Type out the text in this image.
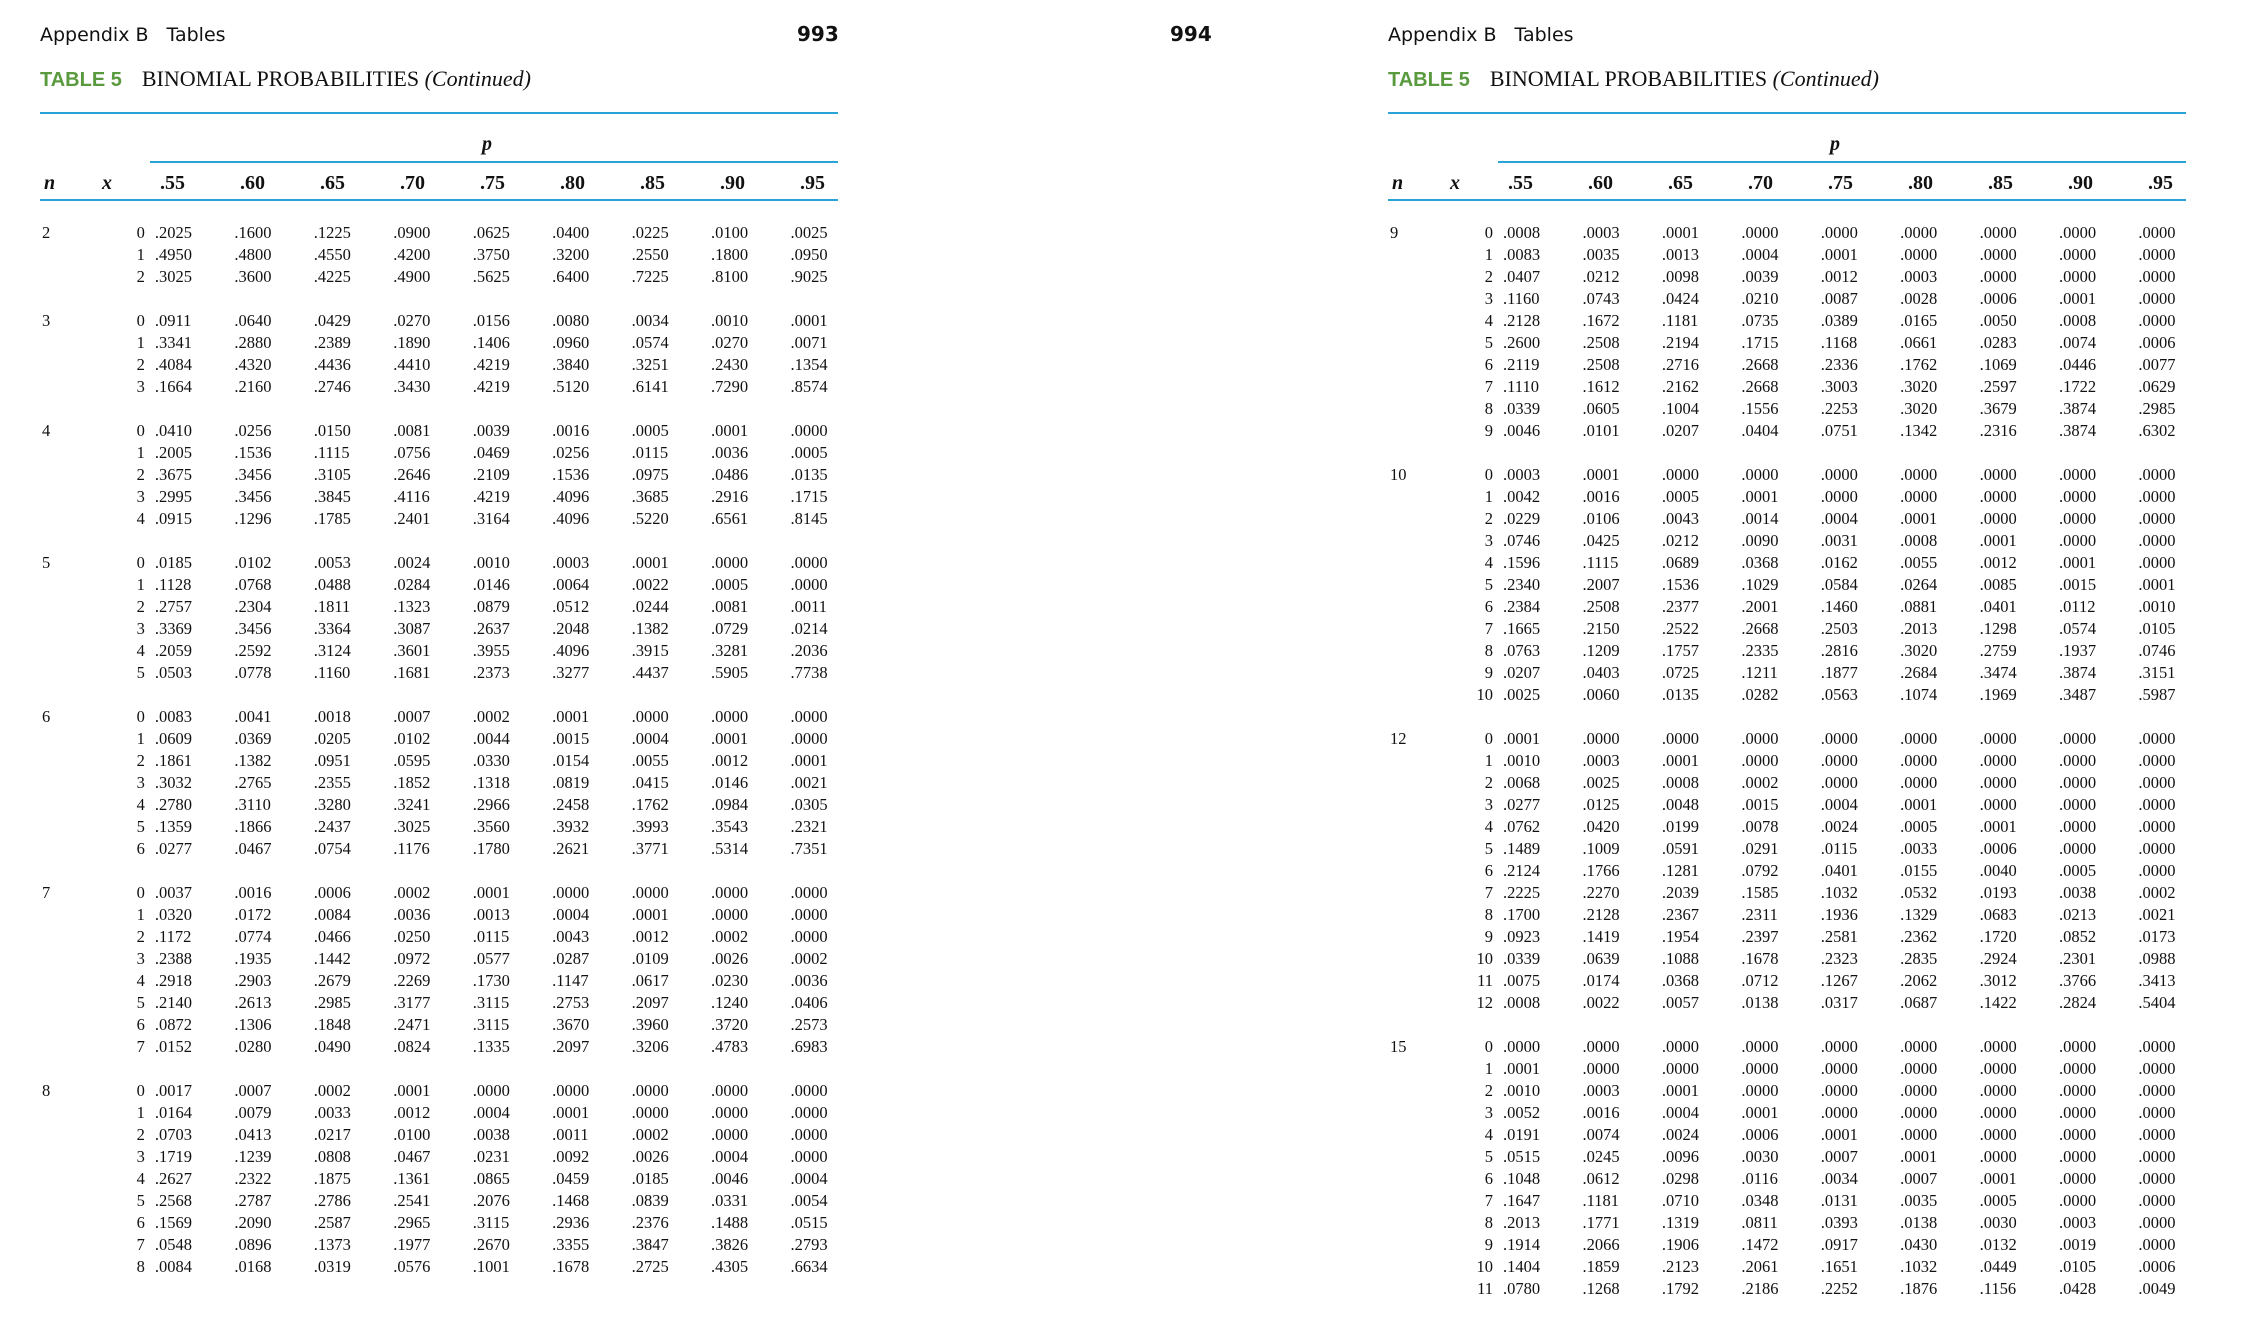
Appendix B Tables	993
TABLE 5 BINOMIAL PROBABILITIES (Continued)
p
n x .55	.60	.65	.70	.75	.80	.85	.90	.95
2	0	.2025	.1600	.1225	.0900	.0625	.0400	.0225	.0100	.0025
	1	.4950	.4800	.4550	.4200	.3750	.3200	.2550	.1800	.0950
	2	.3025	.3600	.4225	.4900	.5625	.6400	.7225	.8100	.9025

3	0	.0911	.0640	.0429	.0270	.0156	.0080	.0034	.0010	.0001
	1	.3341	.2880	.2389	.1890	.1406	.0960	.0574	.0270	.0071
	2	.4084	.4320	.4436	.4410	.4219	.3840	.3251	.2430	.1354
	3	.1664	.2160	.2746	.3430	.4219	.5120	.6141	.7290	.8574

4	0	.0410	.0256	.0150	.0081	.0039	.0016	.0005	.0001	.0000
	1	.2005	.1536	.1115	.0756	.0469	.0256	.0115	.0036	.0005
	2	.3675	.3456	.3105	.2646	.2109	.1536	.0975	.0486	.0135
	3	.2995	.3456	.3845	.4116	.4219	.4096	.3685	.2916	.1715
	4	.0915	.1296	.1785	.2401	.3164	.4096	.5220	.6561	.8145

5	0	.0185	.0102	.0053	.0024	.0010	.0003	.0001	.0000	.0000
	1	.1128	.0768	.0488	.0284	.0146	.0064	.0022	.0005	.0000
	2	.2757	.2304	.1811	.1323	.0879	.0512	.0244	.0081	.0011
	3	.3369	.3456	.3364	.3087	.2637	.2048	.1382	.0729	.0214
	4	.2059	.2592	.3124	.3601	.3955	.4096	.3915	.3281	.2036
	5	.0503	.0778	.1160	.1681	.2373	.3277	.4437	.5905	.7738

6	0	.0083	.0041	.0018	.0007	.0002	.0001	.0000	.0000	.0000
	1	.0609	.0369	.0205	.0102	.0044	.0015	.0004	.0001	.0000
	2	.1861	.1382	.0951	.0595	.0330	.0154	.0055	.0012	.0001
	3	.3032	.2765	.2355	.1852	.1318	.0819	.0415	.0146	.0021
	4	.2780	.3110	.3280	.3241	.2966	.2458	.1762	.0984	.0305
	5	.1359	.1866	.2437	.3025	.3560	.3932	.3993	.3543	.2321
	6	.0277	.0467	.0754	.1176	.1780	.2621	.3771	.5314	.7351

7	0	.0037	.0016	.0006	.0002	.0001	.0000	.0000	.0000	.0000
	1	.0320	.0172	.0084	.0036	.0013	.0004	.0001	.0000	.0000
	2	.1172	.0774	.0466	.0250	.0115	.0043	.0012	.0002	.0000
	3	.2388	.1935	.1442	.0972	.0577	.0287	.0109	.0026	.0002
	4	.2918	.2903	.2679	.2269	.1730	.1147	.0617	.0230	.0036
	5	.2140	.2613	.2985	.3177	.3115	.2753	.2097	.1240	.0406
	6	.0872	.1306	.1848	.2471	.3115	.3670	.3960	.3720	.2573
	7	.0152	.0280	.0490	.0824	.1335	.2097	.3206	.4783	.6983

8	0	.0017	.0007	.0002	.0001	.0000	.0000	.0000	.0000	.0000
	1	.0164	.0079	.0033	.0012	.0004	.0001	.0000	.0000	.0000
	2	.0703	.0413	.0217	.0100	.0038	.0011	.0002	.0000	.0000
	3	.1719	.1239	.0808	.0467	.0231	.0092	.0026	.0004	.0000
	4	.2627	.2322	.1875	.1361	.0865	.0459	.0185	.0046	.0004
	5	.2568	.2787	.2786	.2541	.2076	.1468	.0839	.0331	.0054
	6	.1569	.2090	.2587	.2965	.3115	.2936	.2376	.1488	.0515
	7	.0548	.0896	.1373	.1977	.2670	.3355	.3847	.3826	.2793
	8	.0084	.0168	.0319	.0576	.1001	.1678	.2725	.4305	.6634
994	Appendix B Tables
TABLE 5 BINOMIAL PROBABILITIES (Continued)
p
n x .55	.60	.65	.70	.75	.80	.85	.90	.95
9	0	.0008	.0003	.0001	.0000	.0000	.0000	.0000	.0000	.0000
	1	.0083	.0035	.0013	.0004	.0001	.0000	.0000	.0000	.0000
	2	.0407	.0212	.0098	.0039	.0012	.0003	.0000	.0000	.0000
	3	.1160	.0743	.0424	.0210	.0087	.0028	.0006	.0001	.0000
	4	.2128	.1672	.1181	.0735	.0389	.0165	.0050	.0008	.0000
	5	.2600	.2508	.2194	.1715	.1168	.0661	.0283	.0074	.0006
	6	.2119	.2508	.2716	.2668	.2336	.1762	.1069	.0446	.0077
	7	.1110	.1612	.2162	.2668	.3003	.3020	.2597	.1722	.0629
	8	.0339	.0605	.1004	.1556	.2253	.3020	.3679	.3874	.2985
	9	.0046	.0101	.0207	.0404	.0751	.1342	.2316	.3874	.6302

10	0	.0003	.0001	.0000	.0000	.0000	.0000	.0000	.0000	.0000
	1	.0042	.0016	.0005	.0001	.0000	.0000	.0000	.0000	.0000
	2	.0229	.0106	.0043	.0014	.0004	.0001	.0000	.0000	.0000
	3	.0746	.0425	.0212	.0090	.0031	.0008	.0001	.0000	.0000
	4	.1596	.1115	.0689	.0368	.0162	.0055	.0012	.0001	.0000
	5	.2340	.2007	.1536	.1029	.0584	.0264	.0085	.0015	.0001
	6	.2384	.2508	.2377	.2001	.1460	.0881	.0401	.0112	.0010
	7	.1665	.2150	.2522	.2668	.2503	.2013	.1298	.0574	.0105
	8	.0763	.1209	.1757	.2335	.2816	.3020	.2759	.1937	.0746
	9	.0207	.0403	.0725	.1211	.1877	.2684	.3474	.3874	.3151
	10	.0025	.0060	.0135	.0282	.0563	.1074	.1969	.3487	.5987

12	0	.0001	.0000	.0000	.0000	.0000	.0000	.0000	.0000	.0000
	1	.0010	.0003	.0001	.0000	.0000	.0000	.0000	.0000	.0000
	2	.0068	.0025	.0008	.0002	.0000	.0000	.0000	.0000	.0000
	3	.0277	.0125	.0048	.0015	.0004	.0001	.0000	.0000	.0000
	4	.0762	.0420	.0199	.0078	.0024	.0005	.0001	.0000	.0000
	5	.1489	.1009	.0591	.0291	.0115	.0033	.0006	.0000	.0000
	6	.2124	.1766	.1281	.0792	.0401	.0155	.0040	.0005	.0000
	7	.2225	.2270	.2039	.1585	.1032	.0532	.0193	.0038	.0002
	8	.1700	.2128	.2367	.2311	.1936	.1329	.0683	.0213	.0021
	9	.0923	.1419	.1954	.2397	.2581	.2362	.1720	.0852	.0173
	10	.0339	.0639	.1088	.1678	.2323	.2835	.2924	.2301	.0988
	11	.0075	.0174	.0368	.0712	.1267	.2062	.3012	.3766	.3413
	12	.0008	.0022	.0057	.0138	.0317	.0687	.1422	.2824	.5404

15	0	.0000	.0000	.0000	.0000	.0000	.0000	.0000	.0000	.0000
	1	.0001	.0000	.0000	.0000	.0000	.0000	.0000	.0000	.0000
	2	.0010	.0003	.0001	.0000	.0000	.0000	.0000	.0000	.0000
	3	.0052	.0016	.0004	.0001	.0000	.0000	.0000	.0000	.0000
	4	.0191	.0074	.0024	.0006	.0001	.0000	.0000	.0000	.0000
	5	.0515	.0245	.0096	.0030	.0007	.0001	.0000	.0000	.0000
	6	.1048	.0612	.0298	.0116	.0034	.0007	.0001	.0000	.0000
	7	.1647	.1181	.0710	.0348	.0131	.0035	.0005	.0000	.0000
	8	.2013	.1771	.1319	.0811	.0393	.0138	.0030	.0003	.0000
	9	.1914	.2066	.1906	.1472	.0917	.0430	.0132	.0019	.0000
	10	.1404	.1859	.2123	.2061	.1651	.1032	.0449	.0105	.0006
	11	.0780	.1268	.1792	.2186	.2252	.1876	.1156	.0428	.0049
